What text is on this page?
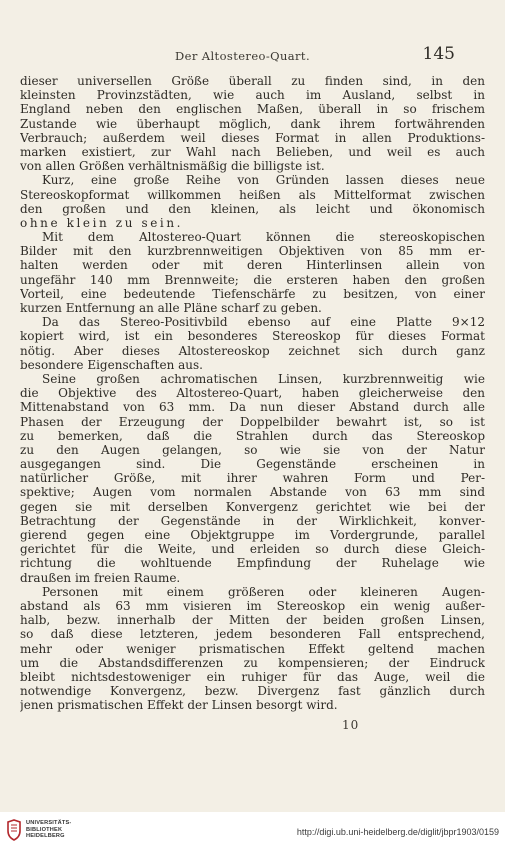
Der Altostereo-Quart.	145
dieser universellen Größe überall zu finden sind, in den
kleinsten Provinzstädten, wie auch im Ausland, selbst in
England neben den englischen Maßen, überall in so frischem
Zustande wie überhaupt möglich, dank ihrem fortwährenden
Verbrauch; außerdem weil dieses Format in allen Produktions-
marken existiert, zur Wahl nach Belieben, und weil es auch
von allen Größen verhältnismäßig die billigste ist.
Kurz, eine große Reihe von Gründen lassen dieses neue
Stereoskopformat willkommen heißen als Mittelformat zwischen
den großen und den kleinen, als leicht und ökonomisch
ohne klein zu sein.
Mit dem Altostereo-Quart können die stereoskopischen
Bilder mit den kurzbrennweitigen Objektiven von 85 mm er-
halten werden oder mit deren Hinterlinsen allein von
ungefähr 140 mm Brennweite; die ersteren haben den großen
Vorteil, eine bedeutende Tiefenschärfe zu besitzen, von einer
kurzen Entfernung an alle Pläne scharf zu geben.
Da das Stereo-Positivbild ebenso auf eine Platte 9×12
kopiert wird, ist ein besonderes Stereoskop für dieses Format
nötig. Aber dieses Altostereoskop zeichnet sich durch ganz
besondere Eigenschaften aus.
Seine großen achromatischen Linsen, kurzbrennweitig wie
die Objektive des Altostereo-Quart, haben gleicherweise den
Mittenabstand von 63 mm. Da nun dieser Abstand durch alle
Phasen der Erzeugung der Doppelbilder bewahrt ist, so ist
zu bemerken, daß die Strahlen durch das Stereoskop
zu den Augen gelangen, so wie sie von der Natur
ausgegangen sind. Die Gegenstände erscheinen in
natürlicher Größe, mit ihrer wahren Form und Per-
spektive; Augen vom normalen Abstande von 63 mm sind
gegen sie mit derselben Konvergenz gerichtet wie bei der
Betrachtung der Gegenstände in der Wirklichkeit, konver-
gierend gegen eine Objektgruppe im Vordergrunde, parallel
gerichtet für die Weite, und erleiden so durch diese Gleich-
richtung die wohltuende Empfindung der Ruhelage wie
draußen im freien Raume.
Personen mit einem größeren oder kleineren Augen-
abstand als 63 mm visieren im Stereoskop ein wenig außer-
halb, bezw. innerhalb der Mitten der beiden großen Linsen,
so daß diese letzteren, jedem besonderen Fall entsprechend,
mehr oder weniger prismatischen Effekt geltend machen
um die Abstandsdifferenzen zu kompensieren; der Eindruck
bleibt nichtsdestoweniger ein ruhiger für das Auge, weil die
notwendige Konvergenz, bezw. Divergenz fast gänzlich durch
jenen prismatischen Effekt der Linsen besorgt wird.
10
UNIVERSITÄTS-
BIBLIOTHEK
HEIDELBERG	http://digi.ub.uni-heidelberg.de/diglit/jbpr1903/0159
